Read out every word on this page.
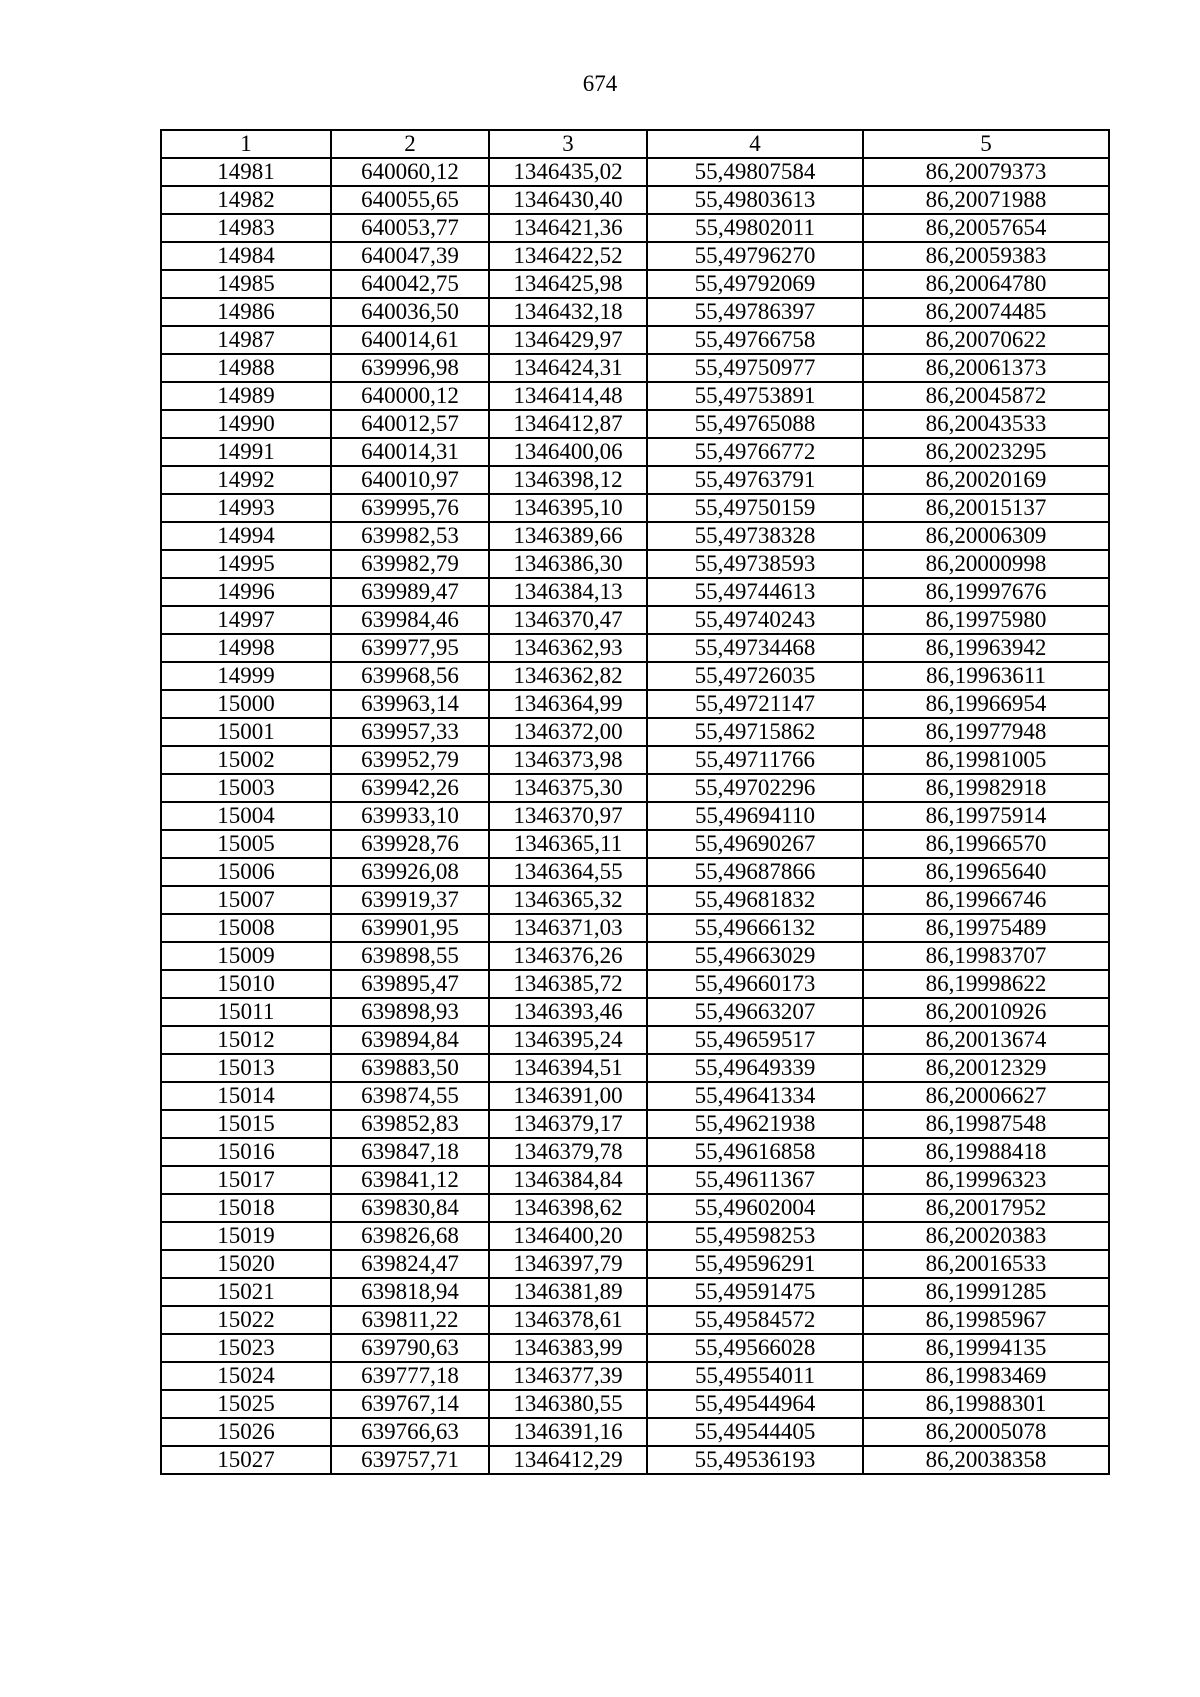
674
1	2	3	4	5
14981	640060,12	1346435,02	55,49807584	86,20079373
14982	640055,65	1346430,40	55,49803613	86,20071988
14983	640053,77	1346421,36	55,49802011	86,20057654
14984	640047,39	1346422,52	55,49796270	86,20059383
14985	640042,75	1346425,98	55,49792069	86,20064780
14986	640036,50	1346432,18	55,49786397	86,20074485
14987	640014,61	1346429,97	55,49766758	86,20070622
14988	639996,98	1346424,31	55,49750977	86,20061373
14989	640000,12	1346414,48	55,49753891	86,20045872
14990	640012,57	1346412,87	55,49765088	86,20043533
14991	640014,31	1346400,06	55,49766772	86,20023295
14992	640010,97	1346398,12	55,49763791	86,20020169
14993	639995,76	1346395,10	55,49750159	86,20015137
14994	639982,53	1346389,66	55,49738328	86,20006309
14995	639982,79	1346386,30	55,49738593	86,20000998
14996	639989,47	1346384,13	55,49744613	86,19997676
14997	639984,46	1346370,47	55,49740243	86,19975980
14998	639977,95	1346362,93	55,49734468	86,19963942
14999	639968,56	1346362,82	55,49726035	86,19963611
15000	639963,14	1346364,99	55,49721147	86,19966954
15001	639957,33	1346372,00	55,49715862	86,19977948
15002	639952,79	1346373,98	55,49711766	86,19981005
15003	639942,26	1346375,30	55,49702296	86,19982918
15004	639933,10	1346370,97	55,49694110	86,19975914
15005	639928,76	1346365,11	55,49690267	86,19966570
15006	639926,08	1346364,55	55,49687866	86,19965640
15007	639919,37	1346365,32	55,49681832	86,19966746
15008	639901,95	1346371,03	55,49666132	86,19975489
15009	639898,55	1346376,26	55,49663029	86,19983707
15010	639895,47	1346385,72	55,49660173	86,19998622
15011	639898,93	1346393,46	55,49663207	86,20010926
15012	639894,84	1346395,24	55,49659517	86,20013674
15013	639883,50	1346394,51	55,49649339	86,20012329
15014	639874,55	1346391,00	55,49641334	86,20006627
15015	639852,83	1346379,17	55,49621938	86,19987548
15016	639847,18	1346379,78	55,49616858	86,19988418
15017	639841,12	1346384,84	55,49611367	86,19996323
15018	639830,84	1346398,62	55,49602004	86,20017952
15019	639826,68	1346400,20	55,49598253	86,20020383
15020	639824,47	1346397,79	55,49596291	86,20016533
15021	639818,94	1346381,89	55,49591475	86,19991285
15022	639811,22	1346378,61	55,49584572	86,19985967
15023	639790,63	1346383,99	55,49566028	86,19994135
15024	639777,18	1346377,39	55,49554011	86,19983469
15025	639767,14	1346380,55	55,49544964	86,19988301
15026	639766,63	1346391,16	55,49544405	86,20005078
15027	639757,71	1346412,29	55,49536193	86,20038358
